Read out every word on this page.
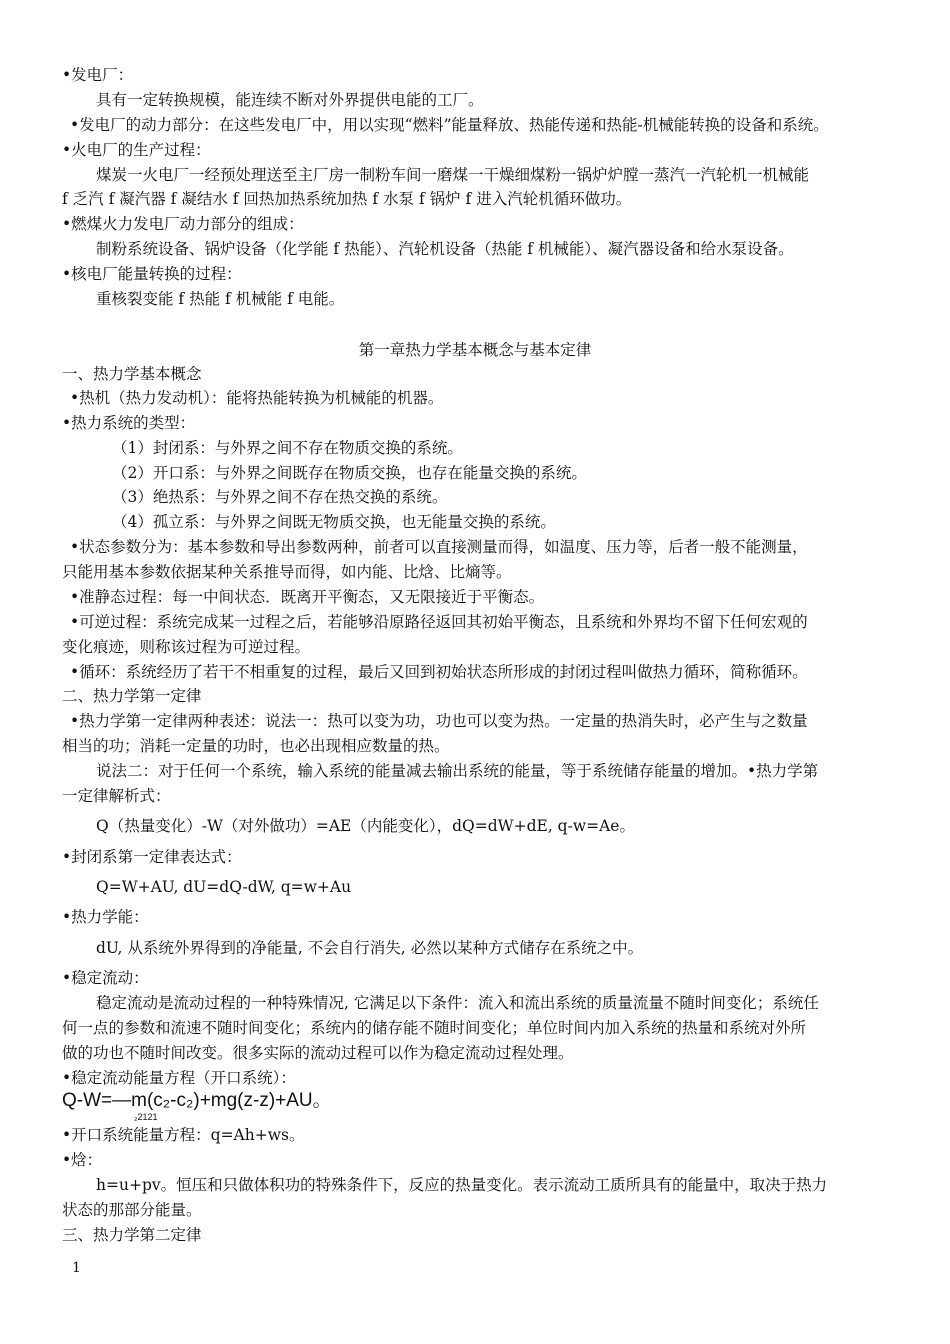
•发电厂：
具有一定转换规模，能连续不断对外界提供电能的工厂。
•发电厂的动力部分：在这些发电厂中，用以实现“燃料”能量释放、热能传递和热能-机械能转换的设备和系统。
•火电厂的生产过程：
煤炭一火电厂一经预处理送至主厂房一制粉车间一磨煤一干燥细煤粉一锅炉炉膛一蒸汽一汽轮机一机械能
f 乏汽 f 凝汽器 f 凝结水 f 回热加热系统加热 f 水泵 f 锅炉 f 进入汽轮机循环做功。
•燃煤火力发电厂动力部分的组成：
制粉系统设备、锅炉设备（化学能 f 热能）、汽轮机设备（热能 f 机械能）、凝汽器设备和给水泵设备。
•核电厂能量转换的过程：
重核裂变能 f 热能 f 机械能 f 电能。
第一章热力学基本概念与基本定律
一、热力学基本概念
•热机（热力发动机）：能将热能转换为机械能的机器。
•热力系统的类型：
（1）封闭系：与外界之间不存在物质交换的系统。
（2）开口系：与外界之间既存在物质交换，也存在能量交换的系统。
（3）绝热系：与外界之间不存在热交换的系统。
（4）孤立系：与外界之间既无物质交换，也无能量交换的系统。
•状态参数分为：基本参数和导出参数两种，前者可以直接测量而得，如温度、压力等，后者一般不能测量，
只能用基本参数依据某种关系推导而得，如内能、比焓、比熵等。
•准静态过程：每一中间状态．既离开平衡态，又无限接近于平衡态。
•可逆过程：系统完成某一过程之后，若能够沿原路径返回其初始平衡态，且系统和外界均不留下任何宏观的
变化痕迹，则称该过程为可逆过程。
•循环：系统经历了若干不相重复的过程，最后又回到初始状态所形成的封闭过程叫做热力循环，简称循环。
二、热力学第一定律
•热力学第一定律两种表述：说法一：热可以变为功，功也可以变为热。一定量的热消失时，必产生与之数量
相当的功；消耗一定量的功时，也必出现相应数量的热。
说法二：对于任何一个系统，输入系统的能量减去输出系统的能量，等于系统储存能量的增加。•热力学第
一定律解析式：
Q（热量变化）-W（对外做功）=AE（内能变化），dQ=dW+dE, q-w=Ae。
•封闭系第一定律表达式：
Q=W+AU, dU=dQ-dW, q=w+Au
•热力学能：
dU, 从系统外界得到的净能量, 不会自行消失, 必然以某种方式储存在系统之中。
•稳定流动：
稳定流动是流动过程的一种特殊情况, 它满足以下条件：流入和流出系统的质量流量不随时间变化；系统任
何一点的参数和流速不随时间变化；系统内的储存能不随时间变化；单位时间内加入系统的热量和系统对外所
做的功也不随时间改变。很多实际的流动过程可以作为稳定流动过程处理。
•稳定流动能量方程（开口系统）：
Q-W=—m(c₂-c₂)+mg(z-z)+AU。
₂2121
•开口系统能量方程：q=Ah+ws。
•焓：
h=u+pv。恒压和只做体积功的特殊条件下，反应的热量变化。表示流动工质所具有的能量中，取决于热力
状态的那部分能量。
三、热力学第二定律
1
